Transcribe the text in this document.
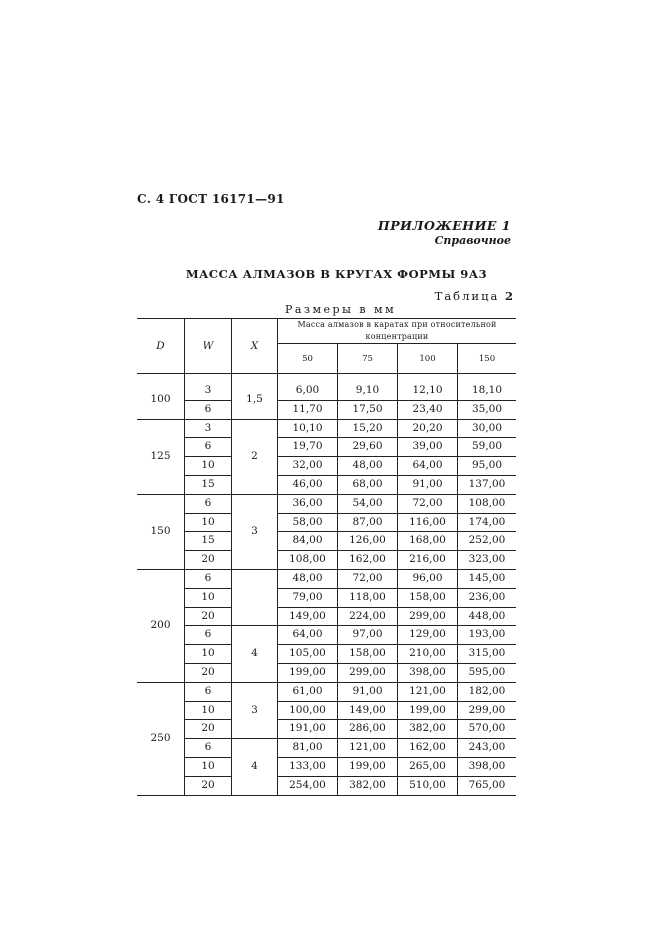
С. 4 ГОСТ 16171—91
ПРИЛОЖЕНИЕ 1
Справочное
МАССА АЛМАЗОВ В КРУГАХ ФОРМЫ 9А3
Таблица 2
Размеры в мм
D	W	X	Масса алмазов в каратах при относительной концентрации			
			50	75	100	150

100	3	1,5	6,00	9,10	12,10	18,10
	6		11,70	17,50	23,40	35,00
125	3	2	10,10	15,20	20,20	30,00
	6		19,70	29,60	39,00	59,00
	10		32,00	48,00	64,00	95,00
	15		46,00	68,00	91,00	137,00
150	6	3	36,00	54,00	72,00	108,00
	10		58,00	87,00	116,00	174,00
	15		84,00	126,00	168,00	252,00
	20		108,00	162,00	216,00	323,00
200	6		48,00	72,00	96,00	145,00
	10		79,00	118,00	158,00	236,00
	20		149,00	224,00	299,00	448,00
	6	4	64,00	97,00	129,00	193,00
	10		105,00	158,00	210,00	315,00
	20		199,00	299,00	398,00	595,00
250	6	3	61,00	91,00	121,00	182,00
	10		100,00	149,00	199,00	299,00
	20		191,00	286,00	382,00	570,00
	6	4	81,00	121,00	162,00	243,00
	10		133,00	199,00	265,00	398,00
	20		254,00	382,00	510,00	765,00
